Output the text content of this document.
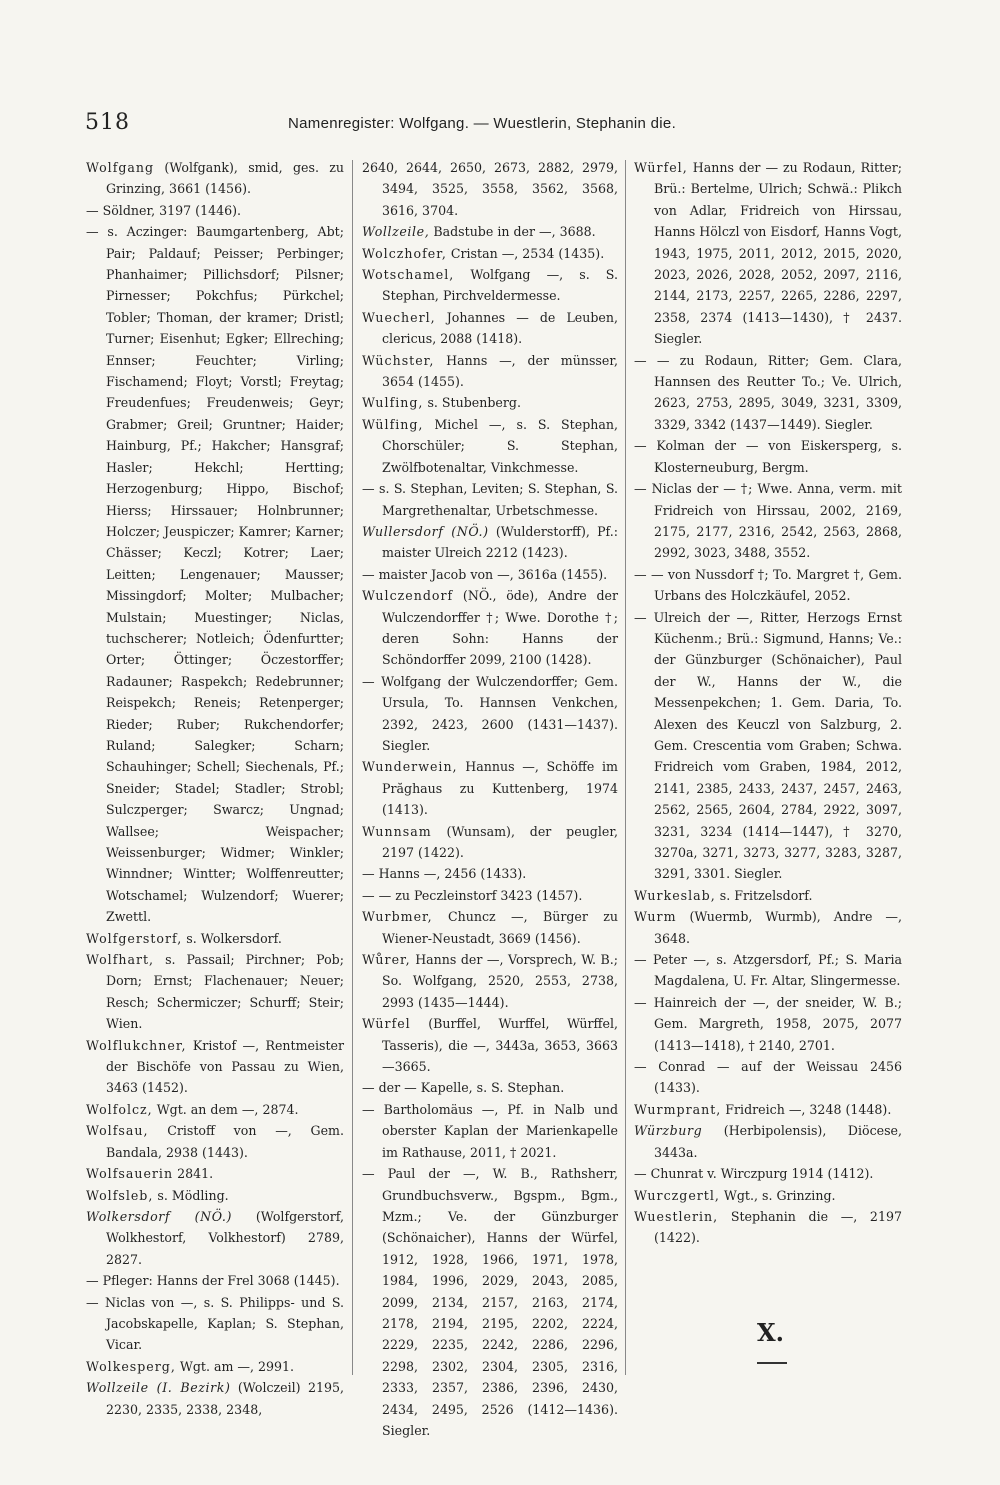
518	Namenregister: Wolfgang. — Wuestlerin, Stephanin die.

Wolfgang (Wolfgank), smid, ges. zu Grinzing, 3661 (1456).

— Söldner, 3197 (1446).

— s. Aczinger: Baumgartenberg, Abt; Pair; Paldauf; Peisser; Perbinger; Phanhaimer; Pillichsdorf; Pilsner; Pirnesser; Pokchfus; Pürkchel; Tobler; Thoman, der kramer; Dristl; Turner; Eisenhut; Egker; Ellreching; Ennser; Feuchter; Virling; Fischamend; Floyt; Vorstl; Freytag; Freudenfues; Freudenweis; Geyr; Grabmer; Greil; Gruntner; Haider; Hainburg, Pf.; Hakcher; Hansgraf; Hasler; Hekchl; Hertting; Herzogenburg; Hippo, Bischof; Hierss; Hirssauer; Holnbrunner; Holczer; Jeuspiczer; Kamrer; Karner; Chässer; Keczl; Kotrer; Laer; Leitten; Lengenauer; Mausser; Missingdorf; Molter; Mulbacher; Mulstain; Muestinger; Niclas, tuchscherer; Notleich; Ödenfurtter; Orter; Öttinger; Öczestorffer; Radauner; Raspekch; Redebrunner; Reispekch; Reneis; Retenperger; Rieder; Ruber; Rukchendorfer; Ruland; Salegker; Scharn; Schauhinger; Schell; Siechenals, Pf.; Sneider; Stadel; Stadler; Strobl; Sulczperger; Swarcz; Ungnad; Wallsee; Weispacher; Weissenburger; Widmer; Winkler; Winndner; Wintter; Wolffenreutter; Wotschamel; Wulzendorf; Wuerer; Zwettl.

Wolfgerstorf, s. Wolkersdorf.

Wolfhart, s. Passail; Pirchner; Pob; Dorn; Ernst; Flachenauer; Neuer; Resch; Schermiczer; Schurff; Steir; Wien.

Wolflukchner, Kristof —, Rentmeister der Bischöfe von Passau zu Wien, 3463 (1452).

Wolfolcz, Wgt. an dem —, 2874.

Wolfsau, Cristoff von —, Gem. Bandala, 2938 (1443).

Wolfsauerin 2841.

Wolfsleb, s. Mödling.

Wolkersdorf (NÖ.) (Wolfgerstorf, Wolkhestorf, Volkhestorf) 2789, 2827.

— Pfleger: Hanns der Frel 3068 (1445).

— Niclas von —, s. S. Philipps- und S. Jacobskapelle, Kaplan; S. Stephan, Vicar.

Wolkesperg, Wgt. am —, 2991.

Wollzeile (I. Bezirk) (Wolczeil) 2195, 2230, 2335, 2338, 2348,

2640, 2644, 2650, 2673, 2882, 2979, 3494, 3525, 3558, 3562, 3568, 3616, 3704.

Wollzeile, Badstube in der —, 3688.

Wolczhofer, Cristan —, 2534 (1435).

Wotschamel, Wolfgang —, s. S. Stephan, Pirchveldermesse.

Wuecherl, Johannes — de Leuben, clericus, 2088 (1418).

Wüchster, Hanns —, der münsser, 3654 (1455).

Wulfing, s. Stubenberg.

Wülfing, Michel —, s. S. Stephan, Chorschüler; S. Stephan, Zwölfbotenaltar, Vinkchmesse.

— s. S. Stephan, Leviten; S. Stephan, S. Margrethenaltar, Urbetschmesse.

Wullersdorf (NÖ.) (Wulderstorff), Pf.: maister Ulreich 2212 (1423).

— maister Jacob von —, 3616a (1455).

Wulczendorf (NÖ., öde), Andre der Wulczendorffer †; Wwe. Dorothe †; deren Sohn: Hanns der Schöndorffer 2099, 2100 (1428).

— Wolfgang der Wulczendorffer; Gem. Ursula, To. Hannsen Venkchen, 2392, 2423, 2600 (1431—1437). Siegler.

Wunderwein, Hannus —, Schöffe im Prăghaus zu Kuttenberg, 1974 (1413).

Wunnsam (Wunsam), der peugler, 2197 (1422).

— Hanns —, 2456 (1433).

— — zu Peczleinstorf 3423 (1457).

Wurbmer, Chuncz —, Bürger zu Wiener-Neustadt, 3669 (1456).

Wůrer, Hanns der —, Vorsprech, W. B.; So. Wolfgang, 2520, 2553, 2738, 2993 (1435—1444).

Würfel (Burffel, Wurffel, Würffel, Tasseris), die —, 3443a, 3653, 3663—3665.

— der — Kapelle, s. S. Stephan.

— Bartholomäus —, Pf. in Nalb und oberster Kaplan der Marienkapelle im Rathause, 2011, † 2021.

— Paul der —, W. B., Rathsherr, Grundbuchsverw., Bgspm., Bgm., Mzm.; Ve. der Günzburger (Schönaicher), Hanns der Würfel, 1912, 1928, 1966, 1971, 1978, 1984, 1996, 2029, 2043, 2085, 2099, 2134, 2157, 2163, 2174, 2178, 2194, 2195, 2202, 2224, 2229, 2235, 2242, 2286, 2296, 2298, 2302, 2304, 2305, 2316, 2333, 2357, 2386, 2396, 2430, 2434, 2495, 2526 (1412—1436). Siegler.

Würfel, Hanns der — zu Rodaun, Ritter; Brü.: Bertelme, Ulrich; Schwä.: Plikch von Adlar, Fridreich von Hirssau, Hanns Hölczl von Eisdorf, Hanns Vogt, 1943, 1975, 2011, 2012, 2015, 2020, 2023, 2026, 2028, 2052, 2097, 2116, 2144, 2173, 2257, 2265, 2286, 2297, 2358, 2374 (1413—1430), † 2437. Siegler.

— — zu Rodaun, Ritter; Gem. Clara, Hannsen des Reutter To.; Ve. Ulrich, 2623, 2753, 2895, 3049, 3231, 3309, 3329, 3342 (1437—1449). Siegler.

— Kolman der — von Eiskersperg, s. Klosterneuburg, Bergm.

— Niclas der — †; Wwe. Anna, verm. mit Fridreich von Hirssau, 2002, 2169, 2175, 2177, 2316, 2542, 2563, 2868, 2992, 3023, 3488, 3552.

— — von Nussdorf †; To. Margret †, Gem. Urbans des Holczkäufel, 2052.

— Ulreich der —, Ritter, Herzogs Ernst Küchenm.; Brü.: Sigmund, Hanns; Ve.: der Günzburger (Schönaicher), Paul der W., Hanns der W., die Messenpekchen; 1. Gem. Daria, To. Alexen des Keuczl von Salzburg, 2. Gem. Crescentia vom Graben; Schwa. Fridreich vom Graben, 1984, 2012, 2141, 2385, 2433, 2437, 2457, 2463, 2562, 2565, 2604, 2784, 2922, 3097, 3231, 3234 (1414—1447), † 3270, 3270a, 3271, 3273, 3277, 3283, 3287, 3291, 3301. Siegler.

Wurkeslab, s. Fritzelsdorf.

Wurm (Wuermb, Wurmb), Andre —, 3648.

— Peter —, s. Atzgersdorf, Pf.; S. Maria Magdalena, U. Fr. Altar, Slingermesse.

— Hainreich der —, der sneider, W. B.; Gem. Margreth, 1958, 2075, 2077 (1413—1418), † 2140, 2701.

— Conrad — auf der Weissau 2456 (1433).

Wurmprant, Fridreich —, 3248 (1448).

Würzburg (Herbipolensis), Diöcese, 3443a.

— Chunrat v. Wirczpurg 1914 (1412).

Wurczgertl, Wgt., s. Grinzing.

Wuestlerin, Stephanin die —, 2197 (1422).

X.
